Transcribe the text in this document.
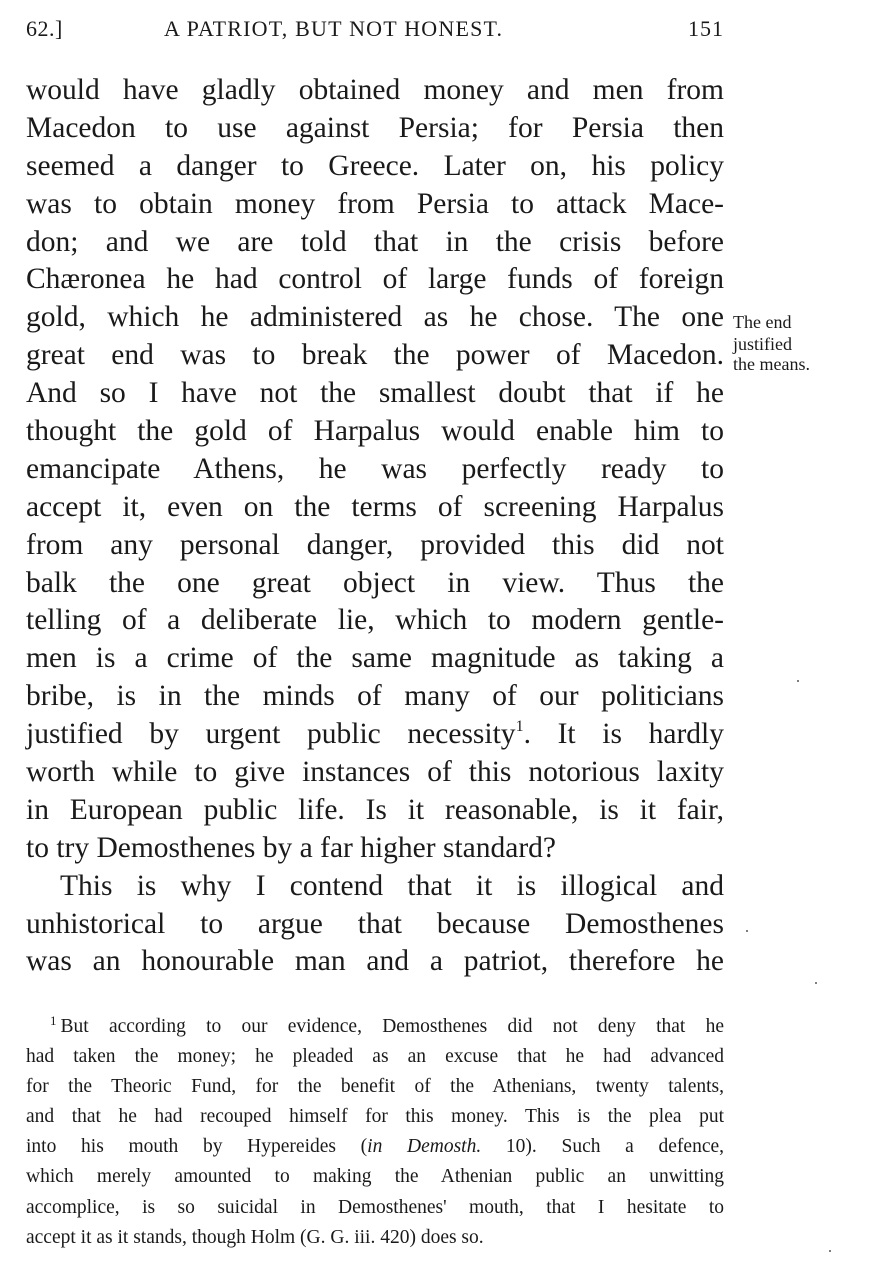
62.]	A PATRIOT, BUT NOT HONEST.	151
would have gladly obtained money and men from
Macedon to use against Persia; for Persia then
seemed a danger to Greece. Later on, his policy
was to obtain money from Persia to attack Mace-
don; and we are told that in the crisis before
Chæronea he had control of large funds of foreign
gold, which he administered as he chose. The one
great end was to break the power of Macedon.
And so I have not the smallest doubt that if he
thought the gold of Harpalus would enable him to
emancipate Athens, he was perfectly ready to
accept it, even on the terms of screening Harpalus
from any personal danger, provided this did not
balk the one great object in view. Thus the
telling of a deliberate lie, which to modern gentle-
men is a crime of the same magnitude as taking a
bribe, is in the minds of many of our politicians
justified by urgent public necessity$^1$. It is hardly
worth while to give instances of this notorious laxity
in European public life. Is it reasonable, is it fair,
to try Demosthenes by a far higher standard?
This is why I contend that it is illogical and
unhistorical to argue that because Demosthenes
was an honourable man and a patriot, therefore he
The end
justified
the means.
$^1$ But according to our evidence, Demosthenes did not deny that he
had taken the money; he pleaded as an excuse that he had advanced
for the Theoric Fund, for the benefit of the Athenians, twenty talents,
and that he had recouped himself for this money. This is the plea put
into his mouth by Hypereides (in Demosth. 10). Such a defence,
which merely amounted to making the Athenian public an unwitting
accomplice, is so suicidal in Demosthenes' mouth, that I hesitate to
accept it as it stands, though Holm (G. G. iii. 420) does so.
